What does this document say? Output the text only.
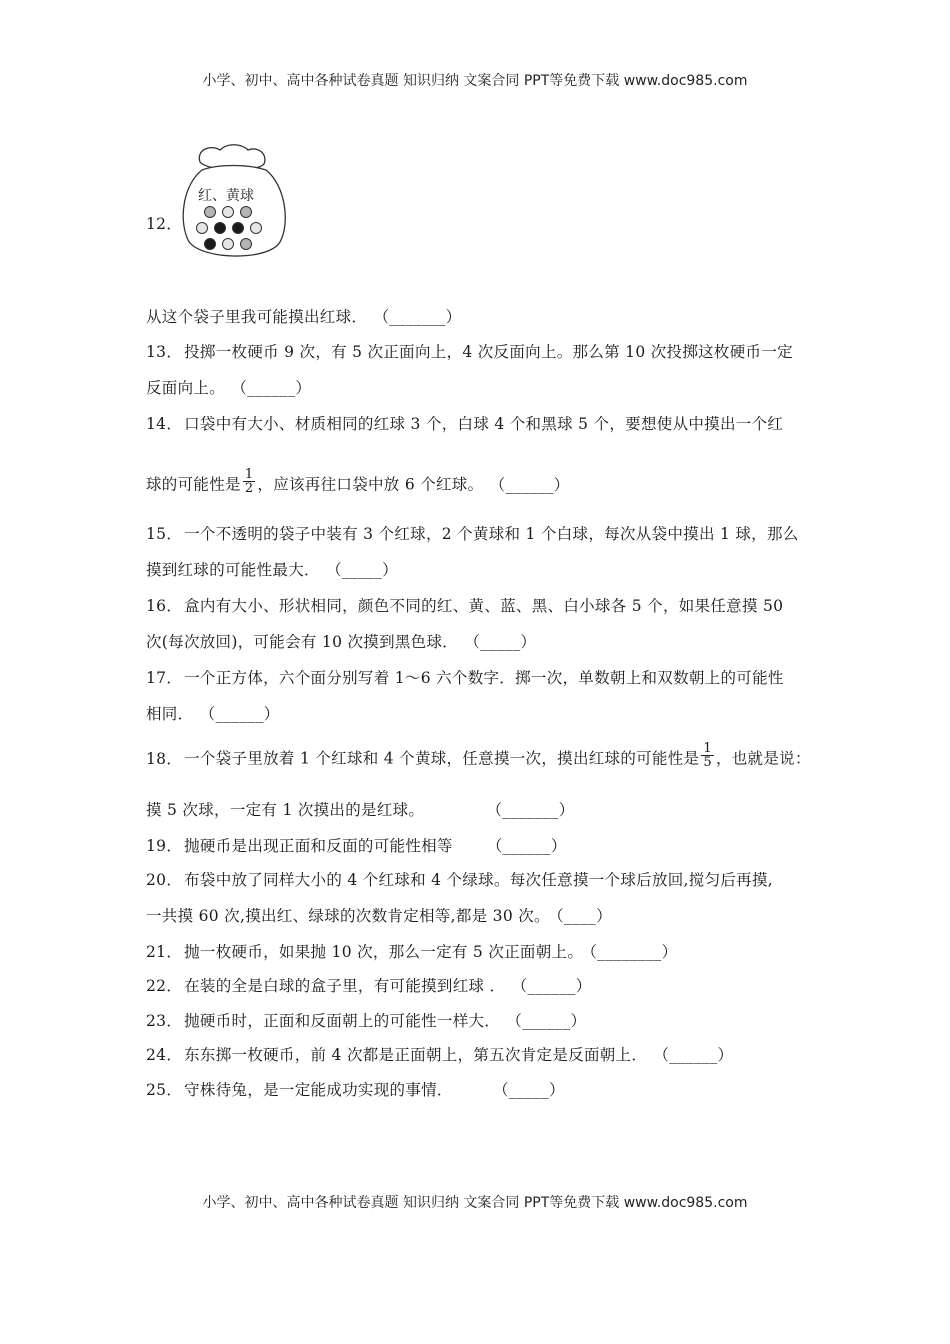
小学、初中、高中各种试卷真题 知识归纳 文案合同 PPT等免费下载 www.doc985.com
12．
红、黄球
从这个袋子里我可能摸出红球． （_______）
13． 投掷一枚硬币 9 次，有 5 次正面向上，4 次反面向上。那么第 10 次投掷这枚硬币一定
反面向上。 （______）
14． 口袋中有大小、材质相同的红球 3 个，白球 4 个和黑球 5 个，要想使从中摸出一个红
球的可能性是 $\frac{1}{2}$ ，应该再往口袋中放 6 个红球。 （______）
15． 一个不透明的袋子中装有 3 个红球，2 个黄球和 1 个白球，每次从袋中摸出 1 球，那么
摸到红球的可能性最大． （_____）
16． 盒内有大小、形状相同，颜色不同的红、黄、蓝、黑、白小球各 5 个，如果任意摸 50
次(每次放回)，可能会有 10 次摸到黑色球． （_____）
17． 一个正方体，六个面分别写着 1～6 六个数字．掷一次，单数朝上和双数朝上的可能性
相同． （______）
18． 一个袋子里放着 1 个红球和 4 个黄球，任意摸一次，摸出红球的可能性是 $\frac{1}{5}$ ，也就是说：
摸 5 次球，一定有 1 次摸出的是红球。	（_______）
19． 抛硬币是出现正面和反面的可能性相等 （______）
20． 布袋中放了同样大小的 4 个红球和 4 个绿球。每次任意摸一个球后放回,搅匀后再摸,
一共摸 60 次,摸出红、绿球的次数肯定相等,都是 30 次。 （____）
21． 抛一枚硬币，如果抛 10 次，那么一定有 5 次正面朝上。 （________）
22． 在装的全是白球的盒子里，有可能摸到红球 ． （______）
23． 抛硬币时，正面和反面朝上的可能性一样大． （______）
24． 东东掷一枚硬币，前 4 次都是正面朝上，第五次肯定是反面朝上． （______）
25． 守株待兔，是一定能成功实现的事情．	（_____）
小学、初中、高中各种试卷真题 知识归纳 文案合同 PPT等免费下载 www.doc985.com
